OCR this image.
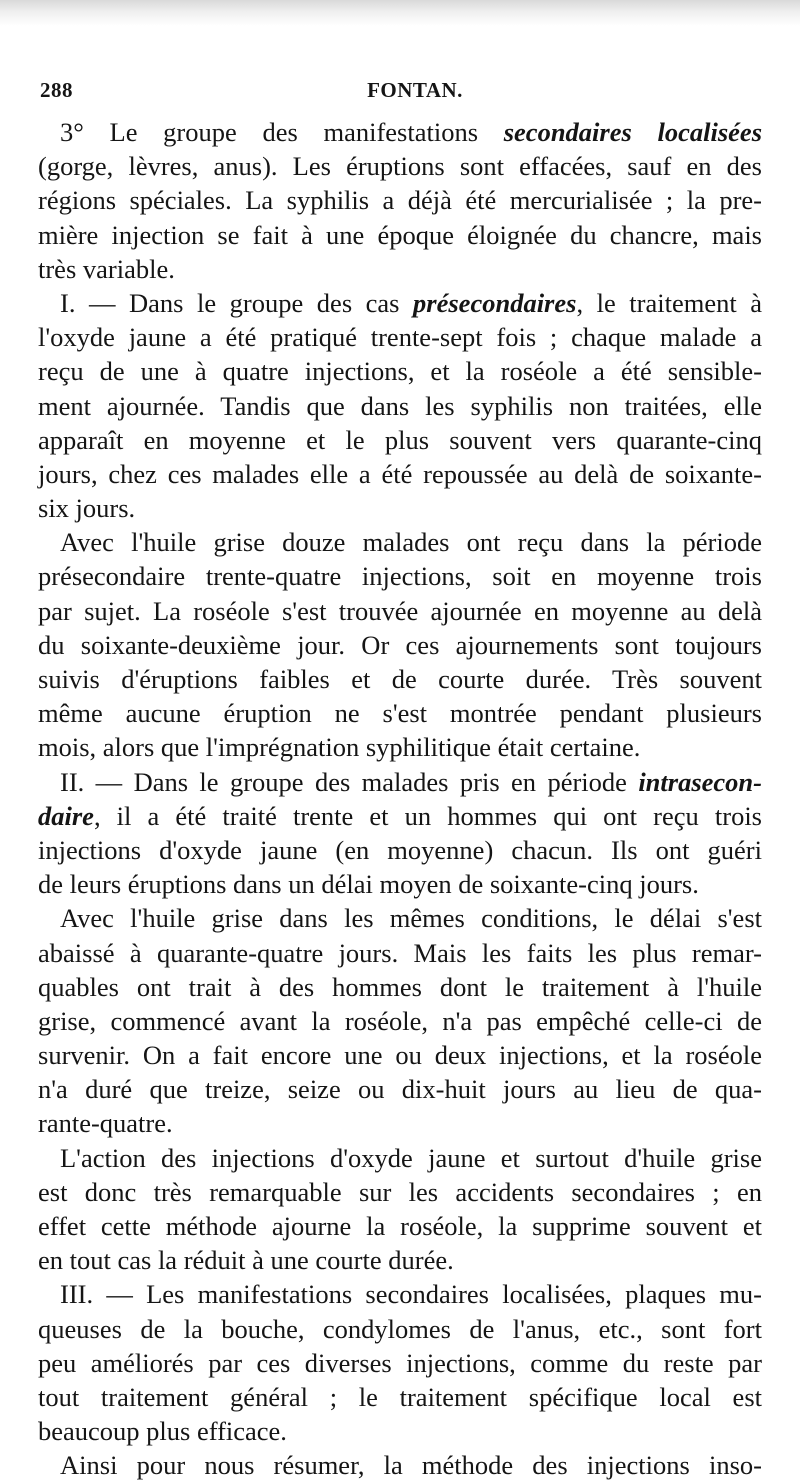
288	FONTAN.
3° Le groupe des manifestations secondaires localisées
(gorge, lèvres, anus). Les éruptions sont effacées, sauf en des
régions spéciales. La syphilis a déjà été mercurialisée ; la pre-
mière injection se fait à une époque éloignée du chancre, mais
très variable.
I. — Dans le groupe des cas présecondaires, le traitement à
l'oxyde jaune a été pratiqué trente-sept fois ; chaque malade a
reçu de une à quatre injections, et la roséole a été sensible-
ment ajournée. Tandis que dans les syphilis non traitées, elle
apparaît en moyenne et le plus souvent vers quarante-cinq
jours, chez ces malades elle a été repoussée au delà de soixante-
six jours.
Avec l'huile grise douze malades ont reçu dans la période
présecondaire trente-quatre injections, soit en moyenne trois
par sujet. La roséole s'est trouvée ajournée en moyenne au delà
du soixante-deuxième jour. Or ces ajournements sont toujours
suivis d'éruptions faibles et de courte durée. Très souvent
même aucune éruption ne s'est montrée pendant plusieurs
mois, alors que l'imprégnation syphilitique était certaine.
II. — Dans le groupe des malades pris en période intrasecon-
daire, il a été traité trente et un hommes qui ont reçu trois
injections d'oxyde jaune (en moyenne) chacun. Ils ont guéri
de leurs éruptions dans un délai moyen de soixante-cinq jours.
Avec l'huile grise dans les mêmes conditions, le délai s'est
abaissé à quarante-quatre jours. Mais les faits les plus remar-
quables ont trait à des hommes dont le traitement à l'huile
grise, commencé avant la roséole, n'a pas empêché celle-ci de
survenir. On a fait encore une ou deux injections, et la roséole
n'a duré que treize, seize ou dix-huit jours au lieu de qua-
rante-quatre.
L'action des injections d'oxyde jaune et surtout d'huile grise
est donc très remarquable sur les accidents secondaires ; en
effet cette méthode ajourne la roséole, la supprime souvent et
en tout cas la réduit à une courte durée.
III. — Les manifestations secondaires localisées, plaques mu-
queuses de la bouche, condylomes de l'anus, etc., sont fort
peu améliorés par ces diverses injections, comme du reste par
tout traitement général ; le traitement spécifique local est
beaucoup plus efficace.
Ainsi pour nous résumer, la méthode des injections inso-
